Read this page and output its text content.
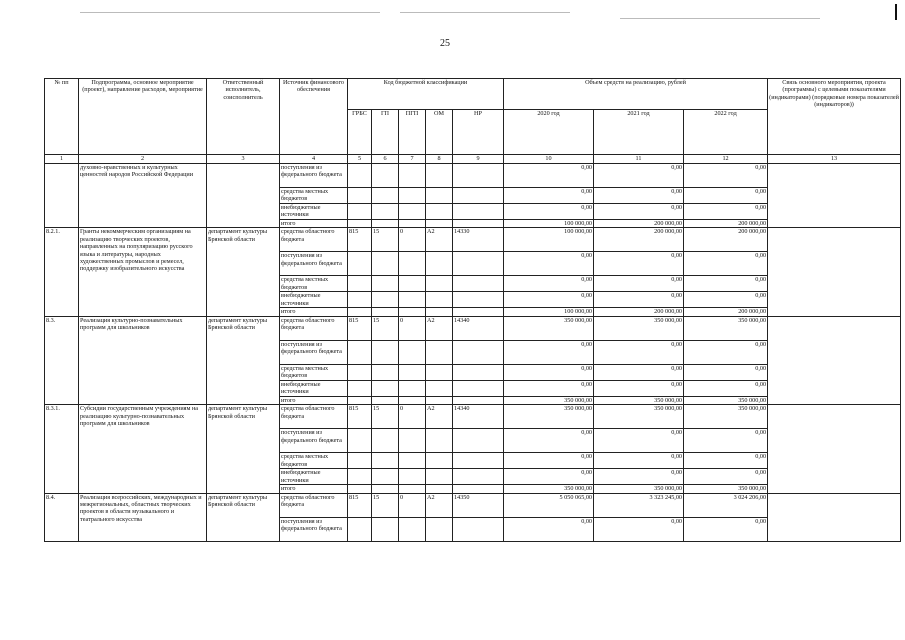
25
№ пп	Подпрограмма, основное мероприятие (проект), направление расходов, мероприятие	Ответственный исполнитель, соисполнитель	Источник финансового обеспечения	Код бюджетной классификации					Объем средств на реализацию, рублей			Связь основного мероприятия, проекта (программы) с целевыми показателями (индикаторами) (порядковые номера показателей (индикаторов))
				ГРБС	ГП	ПГП	ОМ	НР	2020 год	2021 год	2022 год	
1	2	3	4	5	6	7	8	9	10	11	12	13
	духовно-нравственных и культурных ценностей народов Российской Федерации		поступления из федерального бюджета						0,00	0,00	0,00	
			средства местных бюджетов						0,00	0,00	0,00	
			внебюджетные источники						0,00	0,00	0,00	
			итого						100 000,00	200 000,00	200 000,00	
8.2.1.	Гранты некоммерческим организациям на реализацию творческих проектов, направленных на популяризацию русского языка и литературы, народных художественных промыслов и ремесел, поддержку изобразительного искусства	департамент культуры Брянской области	средства областного бюджета	815	15	0	А2	14330	100 000,00	200 000,00	200 000,00	
			поступления из федерального бюджета						0,00	0,00	0,00	
			средства местных бюджетов						0,00	0,00	0,00	
			внебюджетные источники						0,00	0,00	0,00	
			итого						100 000,00	200 000,00	200 000,00	
8.3.	Реализация культурно-познавательных программ для школьников	департамент культуры Брянской области	средства областного бюджета	815	15	0	А2	14340	350 000,00	350 000,00	350 000,00	
			поступления из федерального бюджета						0,00	0,00	0,00	
			средства местных бюджетов						0,00	0,00	0,00	
			внебюджетные источники						0,00	0,00	0,00	
			итого						350 000,00	350 000,00	350 000,00	
8.3.1.	Субсидии государственным учреждениям на реализацию культурно-познавательных программ для школьников	департамент культуры Брянской области	средства областного бюджета	815	15	0	А2	14340	350 000,00	350 000,00	350 000,00	
			поступления из федерального бюджета						0,00	0,00	0,00	
			средства местных бюджетов						0,00	0,00	0,00	
			внебюджетные источники						0,00	0,00	0,00	
			итого						350 000,00	350 000,00	350 000,00	
8.4.	Реализация всероссийских, международных и межрегиональных, областных творческих проектов в области музыкального и театрального искусства	департамент культуры Брянской области	средства областного бюджета	815	15	0	А2	14350	5 050 065,00	3 323 245,00	3 024 206,00	
			поступления из федерального бюджета						0,00	0,00	0,00	
